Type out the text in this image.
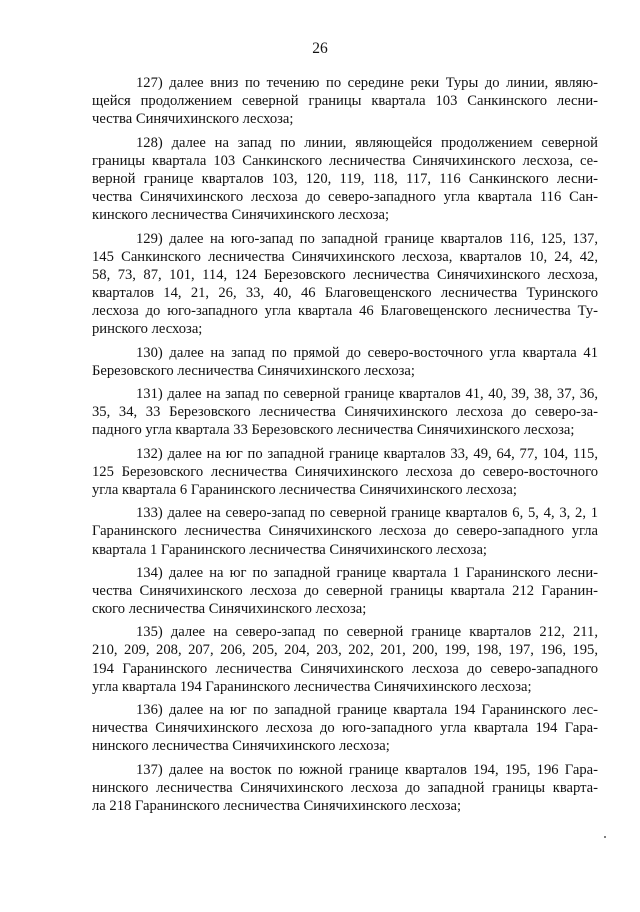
26
127) далее вниз по течению по середине реки Туры до линии, являю-
щейся продолжением северной границы квартала 103 Санкинского лесни-
чества Синячихинского лесхоза;
128) далее на запад по линии, являющейся продолжением северной
границы квартала 103 Санкинского лесничества Синячихинского лесхоза, се-
верной границе кварталов 103, 120, 119, 118, 117, 116 Санкинского лесни-
чества Синячихинского лесхоза до северо-западного угла квартала 116 Сан-
кинского лесничества Синячихинского лесхоза;
129) далее на юго-запад по западной границе кварталов 116, 125, 137,
145 Санкинского лесничества Синячихинского лесхоза, кварталов 10, 24, 42,
58, 73, 87, 101, 114, 124 Березовского лесничества Синячихинского лесхоза,
кварталов 14, 21, 26, 33, 40, 46 Благовещенского лесничества Туринского
лесхоза до юго-западного угла квартала 46 Благовещенского лесничества Ту-
ринского лесхоза;
130) далее на запад по прямой до северо-восточного угла квартала 41
Березовского лесничества Синячихинского лесхоза;
131) далее на запад по северной границе кварталов 41, 40, 39, 38, 37, 36,
35, 34, 33 Березовского лесничества Синячихинского лесхоза до северо-за-
падного угла квартала 33 Березовского лесничества Синячихинского лесхоза;
132) далее на юг по западной границе кварталов 33, 49, 64, 77, 104, 115,
125 Березовского лесничества Синячихинского лесхоза до северо-восточного
угла квартала 6 Гаранинского лесничества Синячихинского лесхоза;
133) далее на северо-запад по северной границе кварталов 6, 5, 4, 3, 2, 1
Гаранинского лесничества Синячихинского лесхоза до северо-западного угла
квартала 1 Гаранинского лесничества Синячихинского лесхоза;
134) далее на юг по западной границе квартала 1 Гаранинского лесни-
чества Синячихинского лесхоза до северной границы квартала 212 Гаранин-
ского лесничества Синячихинского лесхоза;
135) далее на северо-запад по северной границе кварталов 212, 211,
210, 209, 208, 207, 206, 205, 204, 203, 202, 201, 200, 199, 198, 197, 196, 195,
194 Гаранинского лесничества Синячихинского лесхоза до северо-западного
угла квартала 194 Гаранинского лесничества Синячихинского лесхоза;
136) далее на юг по западной границе квартала 194 Гаранинского лес-
ничества Синячихинского лесхоза до юго-западного угла квартала 194 Гара-
нинского лесничества Синячихинского лесхоза;
137) далее на восток по южной границе кварталов 194, 195, 196 Гара-
нинского лесничества Синячихинского лесхоза до западной границы кварта-
ла 218 Гаранинского лесничества Синячихинского лесхоза;
